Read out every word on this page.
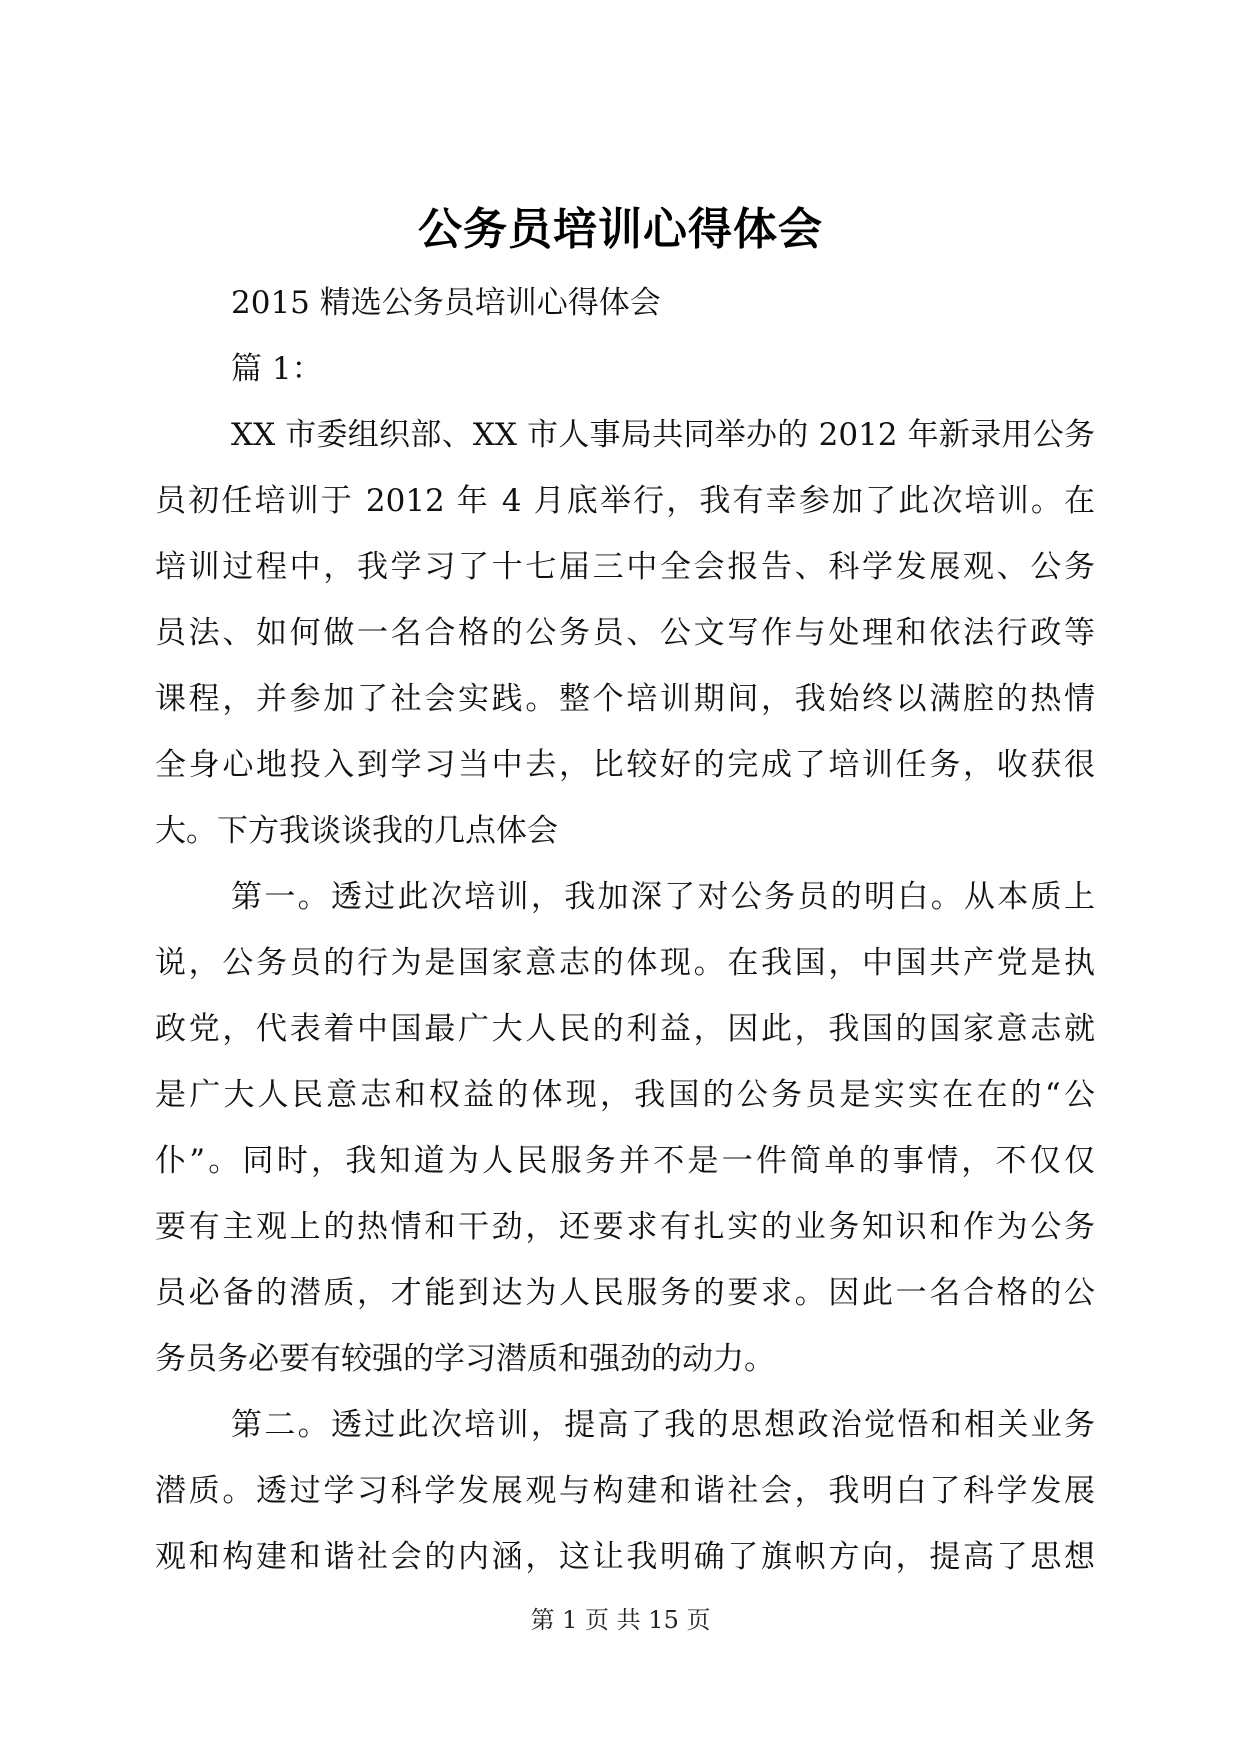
公务员培训心得体会
2015 精选公务员培训心得体会
篇 1：
XX 市委组织部、XX 市人事局共同举办的 2012 年新录用公务
员初任培训于 2012 年 4 月底举行，我有幸参加了此次培训。在
培训过程中，我学习了十七届三中全会报告、科学发展观、公务
员法、如何做一名合格的公务员、公文写作与处理和依法行政等
课程，并参加了社会实践。整个培训期间，我始终以满腔的热情
全身心地投入到学习当中去，比较好的完成了培训任务，收获很
大。下方我谈谈我的几点体会
第一。透过此次培训，我加深了对公务员的明白。从本质上
说，公务员的行为是国家意志的体现。在我国，中国共产党是执
政党，代表着中国最广大人民的利益，因此，我国的国家意志就
是广大人民意志和权益的体现，我国的公务员是实实在在的“公
仆”。同时，我知道为人民服务并不是一件简单的事情，不仅仅
要有主观上的热情和干劲，还要求有扎实的业务知识和作为公务
员必备的潜质，才能到达为人民服务的要求。因此一名合格的公
务员务必要有较强的学习潜质和强劲的动力。
第二。透过此次培训，提高了我的思想政治觉悟和相关业务
潜质。透过学习科学发展观与构建和谐社会，我明白了科学发展
观和构建和谐社会的内涵，这让我明确了旗帜方向，提高了思想
第 1 页 共 15 页
